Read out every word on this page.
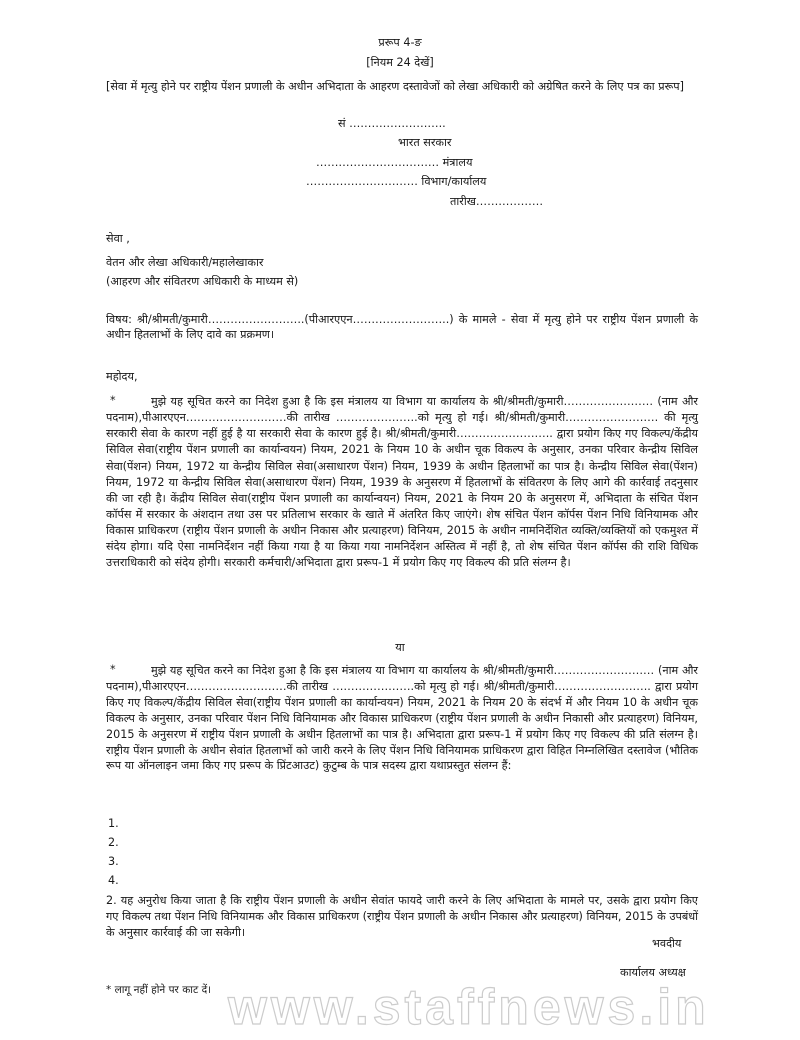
प्ररूप 4-ङ

[नियम 24 देखें]

[सेवा में मृत्यु होने पर राष्ट्रीय पेंशन प्रणाली के अधीन अभिदाता के आहरण दस्तावेजों को लेखा अधिकारी को अग्रेषित करने के लिए पत्र का प्ररूप]

सं ……………………..

भारत सरकार

…………………………… मंत्रालय

………………………… विभाग/कार्यालय

तारीख………………

सेवा ,

वेतन और लेखा अधिकारी/महालेखाकार

(आहरण और संवितरण अधिकारी के माध्यम से)

विषय: श्री/श्रीमती/कुमारी……………………..(पीआरएएन……………………..) के मामले - सेवा में मृत्यु होने पर राष्ट्रीय पेंशन प्रणाली के अधीन हितलाभों के लिए दावे का प्रक्रमण।

महोदय,

*	मुझे यह सूचित करने का निदेश हुआ है कि इस मंत्रालय या विभाग या कार्यालय के श्री/श्रीमती/कुमारी…………………… (नाम और पदनाम),पीआरएएन………………………की तारीख ………………….को मृत्यु हो गई। श्री/श्रीमती/कुमारी……………………. की मृत्यु सरकारी सेवा के कारण नहीं हुई है या सरकारी सेवा के कारण हुई है। श्री/श्रीमती/कुमारी…………………….. द्वारा प्रयोग किए गए विकल्प/केंद्रीय सिविल सेवा(राष्ट्रीय पेंशन प्रणाली का कार्यान्वयन) नियम, 2021 के नियम 10 के अधीन चूक विकल्प के अनुसार, उनका परिवार केन्द्रीय सिविल सेवा(पेंशन) नियम, 1972 या केन्द्रीय सिविल सेवा(असाधारण पेंशन) नियम, 1939 के अधीन हितलाभों का पात्र है। केन्द्रीय सिविल सेवा(पेंशन) नियम, 1972 या केन्द्रीय सिविल सेवा(असाधारण पेंशन) नियम, 1939 के अनुसरण में हितलाभों के संवितरण के लिए आगे की कार्रवाई तदनुसार की जा रही है। केंद्रीय सिविल सेवा(राष्ट्रीय पेंशन प्रणाली का कार्यान्वयन) नियम, 2021 के नियम 20 के अनुसरण में, अभिदाता के संचित पेंशन कॉर्पस में सरकार के अंशदान तथा उस पर प्रतिलाभ सरकार के खाते में अंतरित किए जाएंगे। शेष संचित पेंशन कॉर्पस पेंशन निधि विनियामक और विकास प्राधिकरण (राष्ट्रीय पेंशन प्रणाली के अधीन निकास और प्रत्याहरण) विनियम, 2015 के अधीन नामनिर्देशित व्यक्ति/व्यक्तियों को एकमुश्त में संदेय होगा। यदि ऐसा नामनिर्देशन नहीं किया गया है या किया गया नामनिर्देशन अस्तित्व में नहीं है, तो शेष संचित पेंशन कॉर्पस की राशि विधिक उत्तराधिकारी को संदेय होगी। सरकारी कर्मचारी/अभिदाता द्वारा प्ररूप-1 में प्रयोग किए गए विकल्प की प्रति संलग्न है।

या

*	मुझे यह सूचित करने का निदेश हुआ है कि इस मंत्रालय या विभाग या कार्यालय के श्री/श्रीमती/कुमारी……………………… (नाम और पदनाम),पीआरएएन………………………की तारीख ………………….को मृत्यु हो गई। श्री/श्रीमती/कुमारी…………………….. द्वारा प्रयोग किए गए विकल्प/केंद्रीय सिविल सेवा(राष्ट्रीय पेंशन प्रणाली का कार्यान्वयन) नियम, 2021 के नियम 20 के संदर्भ में और नियम 10 के अधीन चूक विकल्प के अनुसार, उनका परिवार पेंशन निधि विनियामक और विकास प्राधिकरण (राष्ट्रीय पेंशन प्रणाली के अधीन निकासी और प्रत्याहरण) विनियम, 2015 के अनुसरण में राष्ट्रीय पेंशन प्रणाली के अधीन हितलाभों का पात्र है। अभिदाता द्वारा प्ररूप-1 में प्रयोग किए गए विकल्प की प्रति संलग्न है। राष्ट्रीय पेंशन प्रणाली के अधीन सेवांत हितलाभों को जारी करने के लिए पेंशन निधि विनियामक प्राधिकरण द्वारा विहित निम्नलिखित दस्तावेज (भौतिक रूप या ऑनलाइन जमा किए गए प्ररूप के प्रिंटआउट) कुटुम्ब के पात्र सदस्य द्वारा यथाप्रस्तुत संलग्न हैं:

1.

2.

3.

4.

2. यह अनुरोध किया जाता है कि राष्ट्रीय पेंशन प्रणाली के अधीन सेवांत फायदे जारी करने के लिए अभिदाता के मामले पर, उसके द्वारा प्रयोग किए गए विकल्प तथा पेंशन निधि विनियामक और विकास प्राधिकरण (राष्ट्रीय पेंशन प्रणाली के अधीन निकास और प्रत्याहरण) विनियम, 2015 के उपबंधों के अनुसार कार्रवाई की जा सकेगी।

भवदीय

कार्यालय अध्यक्ष

* लागू नहीं होने पर काट दें। www.staffnews.in
